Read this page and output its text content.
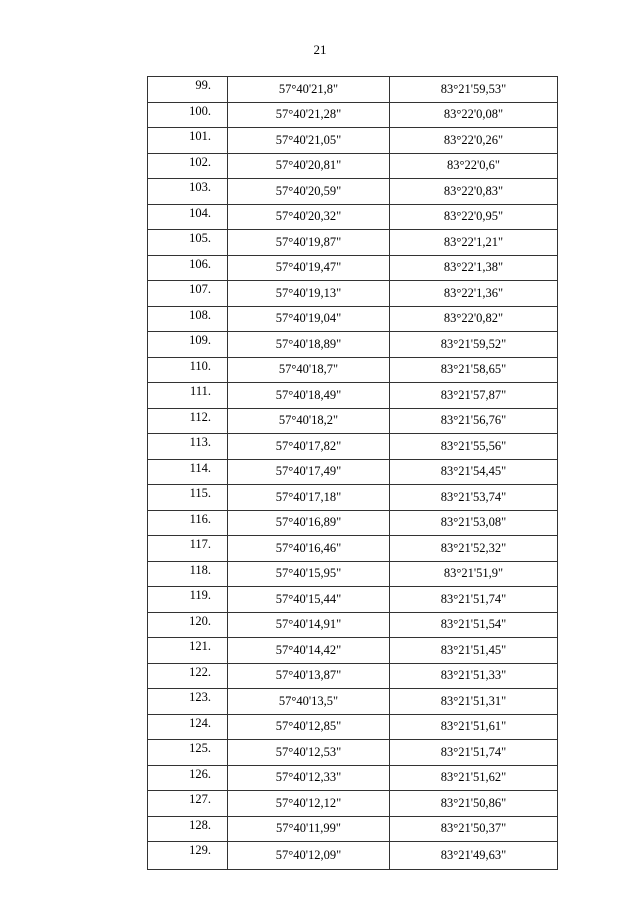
21
99.	57°40'21,8"	83°21'59,53"
100.	57°40'21,28"	83°22'0,08"
101.	57°40'21,05"	83°22'0,26"
102.	57°40'20,81"	83°22'0,6"
103.	57°40'20,59"	83°22'0,83"
104.	57°40'20,32"	83°22'0,95"
105.	57°40'19,87"	83°22'1,21"
106.	57°40'19,47"	83°22'1,38"
107.	57°40'19,13"	83°22'1,36"
108.	57°40'19,04"	83°22'0,82"
109.	57°40'18,89"	83°21'59,52"
110.	57°40'18,7"	83°21'58,65"
111.	57°40'18,49"	83°21'57,87"
112.	57°40'18,2"	83°21'56,76"
113.	57°40'17,82"	83°21'55,56"
114.	57°40'17,49"	83°21'54,45"
115.	57°40'17,18"	83°21'53,74"
116.	57°40'16,89"	83°21'53,08"
117.	57°40'16,46"	83°21'52,32"
118.	57°40'15,95"	83°21'51,9"
119.	57°40'15,44"	83°21'51,74"
120.	57°40'14,91"	83°21'51,54"
121.	57°40'14,42"	83°21'51,45"
122.	57°40'13,87"	83°21'51,33"
123.	57°40'13,5"	83°21'51,31"
124.	57°40'12,85"	83°21'51,61"
125.	57°40'12,53"	83°21'51,74"
126.	57°40'12,33"	83°21'51,62"
127.	57°40'12,12"	83°21'50,86"
128.	57°40'11,99"	83°21'50,37"
129.	57°40'12,09"	83°21'49,63"
